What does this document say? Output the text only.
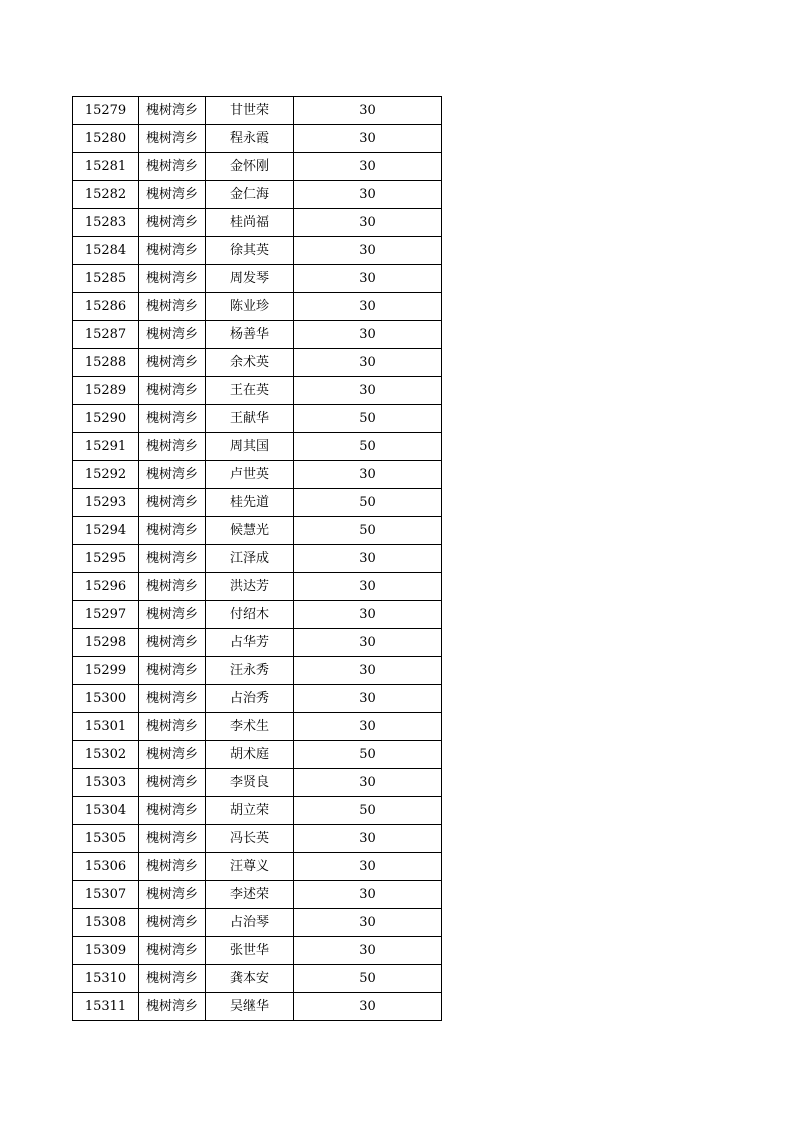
15279	槐树湾乡	甘世荣	30
15280	槐树湾乡	程永霞	30
15281	槐树湾乡	金怀刚	30
15282	槐树湾乡	金仁海	30
15283	槐树湾乡	桂尚福	30
15284	槐树湾乡	徐其英	30
15285	槐树湾乡	周发琴	30
15286	槐树湾乡	陈业珍	30
15287	槐树湾乡	杨善华	30
15288	槐树湾乡	余术英	30
15289	槐树湾乡	王在英	30
15290	槐树湾乡	王献华	50
15291	槐树湾乡	周其国	50
15292	槐树湾乡	卢世英	30
15293	槐树湾乡	桂先道	50
15294	槐树湾乡	候慧光	50
15295	槐树湾乡	江泽成	30
15296	槐树湾乡	洪达芳	30
15297	槐树湾乡	付绍木	30
15298	槐树湾乡	占华芳	30
15299	槐树湾乡	汪永秀	30
15300	槐树湾乡	占治秀	30
15301	槐树湾乡	李术生	30
15302	槐树湾乡	胡术庭	50
15303	槐树湾乡	李贤良	30
15304	槐树湾乡	胡立荣	50
15305	槐树湾乡	冯长英	30
15306	槐树湾乡	汪尊义	30
15307	槐树湾乡	李述荣	30
15308	槐树湾乡	占治琴	30
15309	槐树湾乡	张世华	30
15310	槐树湾乡	龚本安	50
15311	槐树湾乡	吴继华	30
